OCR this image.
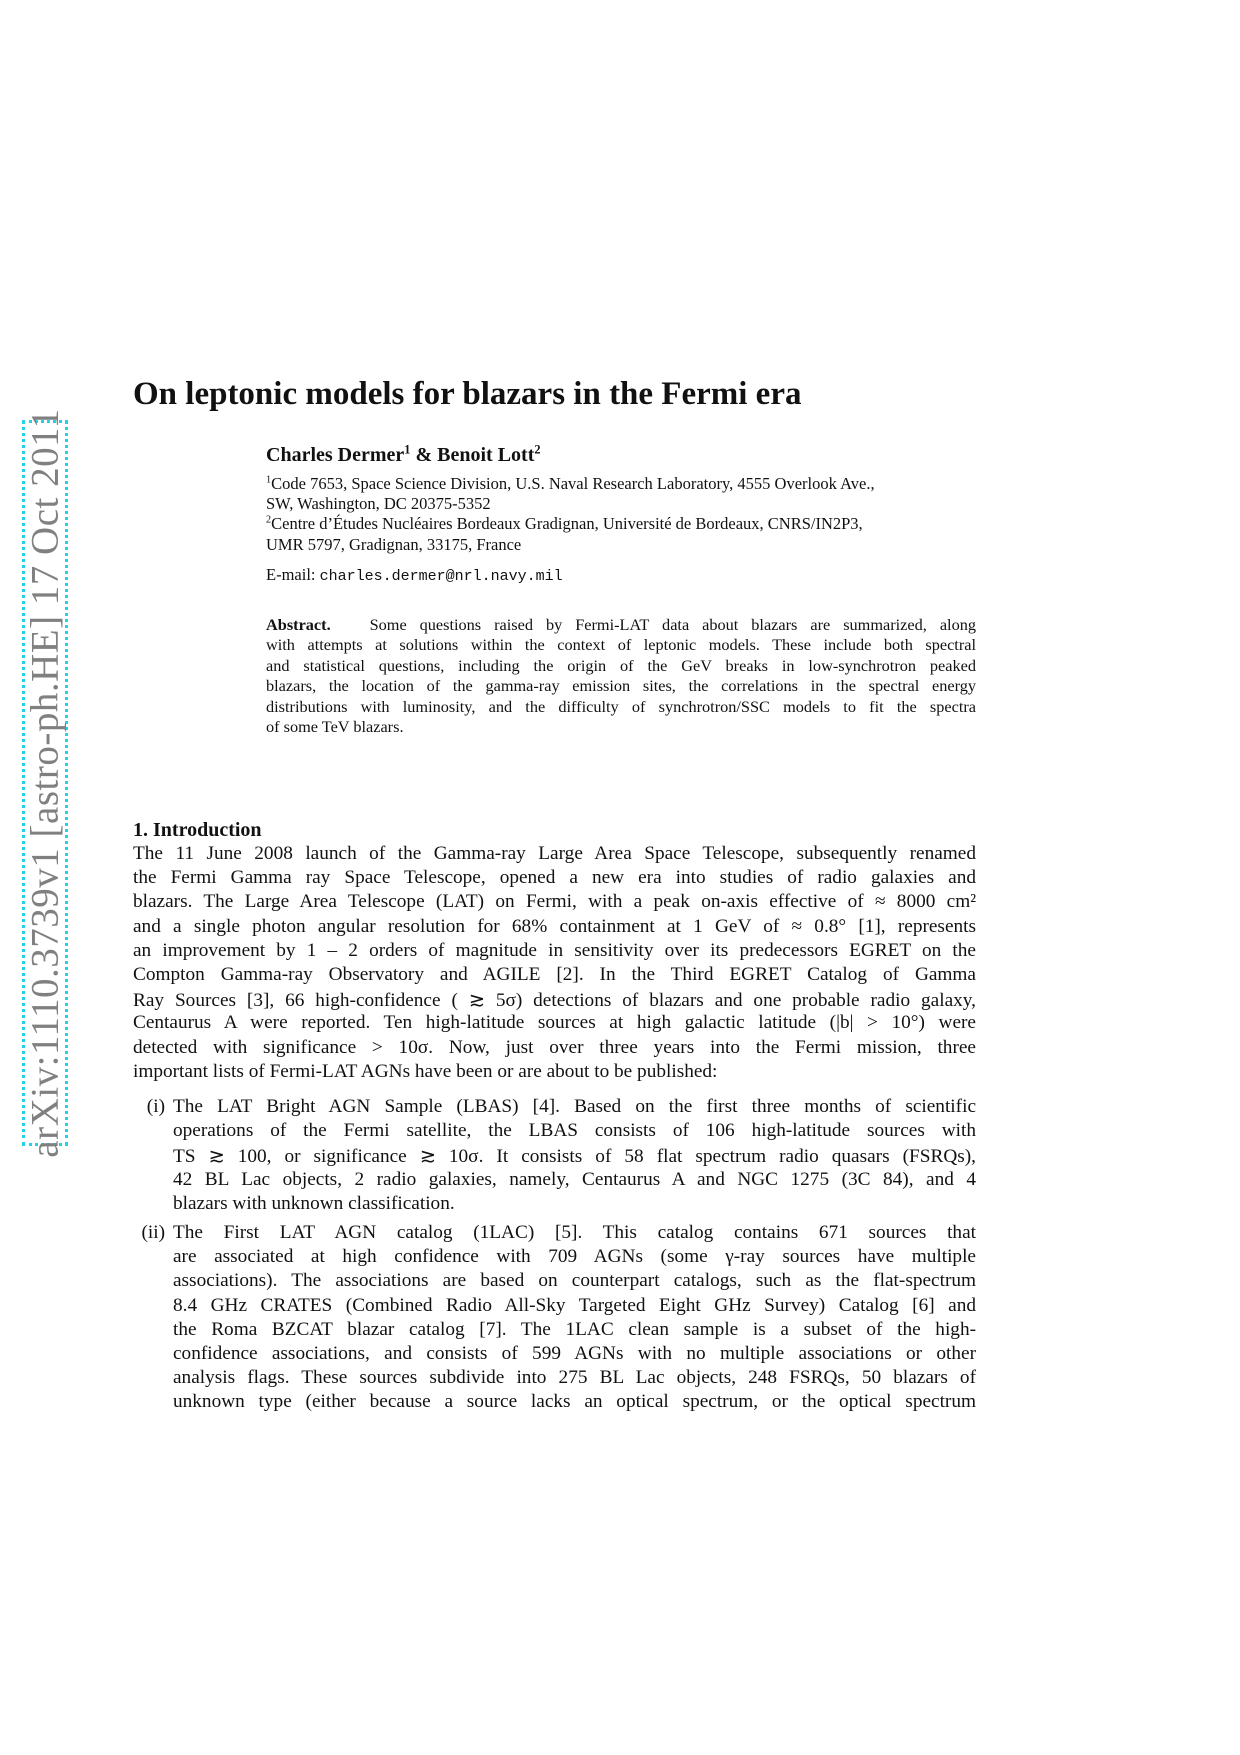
arXiv:1110.3739v1 [astro-ph.HE] 17 Oct 2011
On leptonic models for blazars in the Fermi era
Charles Dermer$^1$ & Benoit Lott$^2$
$^1$Code 7653, Space Science Division, U.S. Naval Research Laboratory, 4555 Overlook Ave.,
SW, Washington, DC 20375-5352
$^2$Centre d’Études Nucléaires Bordeaux Gradignan, Université de Bordeaux, CNRS/IN2P3,
UMR 5797, Gradignan, 33175, France
E-mail: charles.dermer@nrl.navy.mil
Abstract. Some questions raised by Fermi-LAT data about blazars are summarized, along
with attempts at solutions within the context of leptonic models. These include both spectral
and statistical questions, including the origin of the GeV breaks in low-synchrotron peaked
blazars, the location of the gamma-ray emission sites, the correlations in the spectral energy
distributions with luminosity, and the difficulty of synchrotron/SSC models to fit the spectra
of some TeV blazars.
1. Introduction
The 11 June 2008 launch of the Gamma-ray Large Area Space Telescope, subsequently renamed
the Fermi Gamma ray Space Telescope, opened a new era into studies of radio galaxies and
blazars. The Large Area Telescope (LAT) on Fermi, with a peak on-axis effective of ≈ 8000 cm²
and a single photon angular resolution for 68% containment at 1 GeV of ≈ 0.8° [1], represents
an improvement by 1 – 2 orders of magnitude in sensitivity over its predecessors EGRET on the
Compton Gamma-ray Observatory and AGILE [2]. In the Third EGRET Catalog of Gamma
Ray Sources [3], 66 high-confidence ( ≳ 5σ) detections of blazars and one probable radio galaxy,
Centaurus A were reported. Ten high-latitude sources at high galactic latitude (|b| > 10°) were
detected with significance > 10σ. Now, just over three years into the Fermi mission, three
important lists of Fermi-LAT AGNs have been or are about to be published:
(i) The LAT Bright AGN Sample (LBAS) [4]. Based on the first three months of scientific
operations of the Fermi satellite, the LBAS consists of 106 high-latitude sources with
TS ≳ 100, or significance ≳ 10σ. It consists of 58 flat spectrum radio quasars (FSRQs),
42 BL Lac objects, 2 radio galaxies, namely, Centaurus A and NGC 1275 (3C 84), and 4
blazars with unknown classification.
(ii) The First LAT AGN catalog (1LAC) [5]. This catalog contains 671 sources that
are associated at high confidence with 709 AGNs (some γ-ray sources have multiple
associations). The associations are based on counterpart catalogs, such as the flat-spectrum
8.4 GHz CRATES (Combined Radio All-Sky Targeted Eight GHz Survey) Catalog [6] and
the Roma BZCAT blazar catalog [7]. The 1LAC clean sample is a subset of the high-
confidence associations, and consists of 599 AGNs with no multiple associations or other
analysis flags. These sources subdivide into 275 BL Lac objects, 248 FSRQs, 50 blazars of
unknown type (either because a source lacks an optical spectrum, or the optical spectrum
